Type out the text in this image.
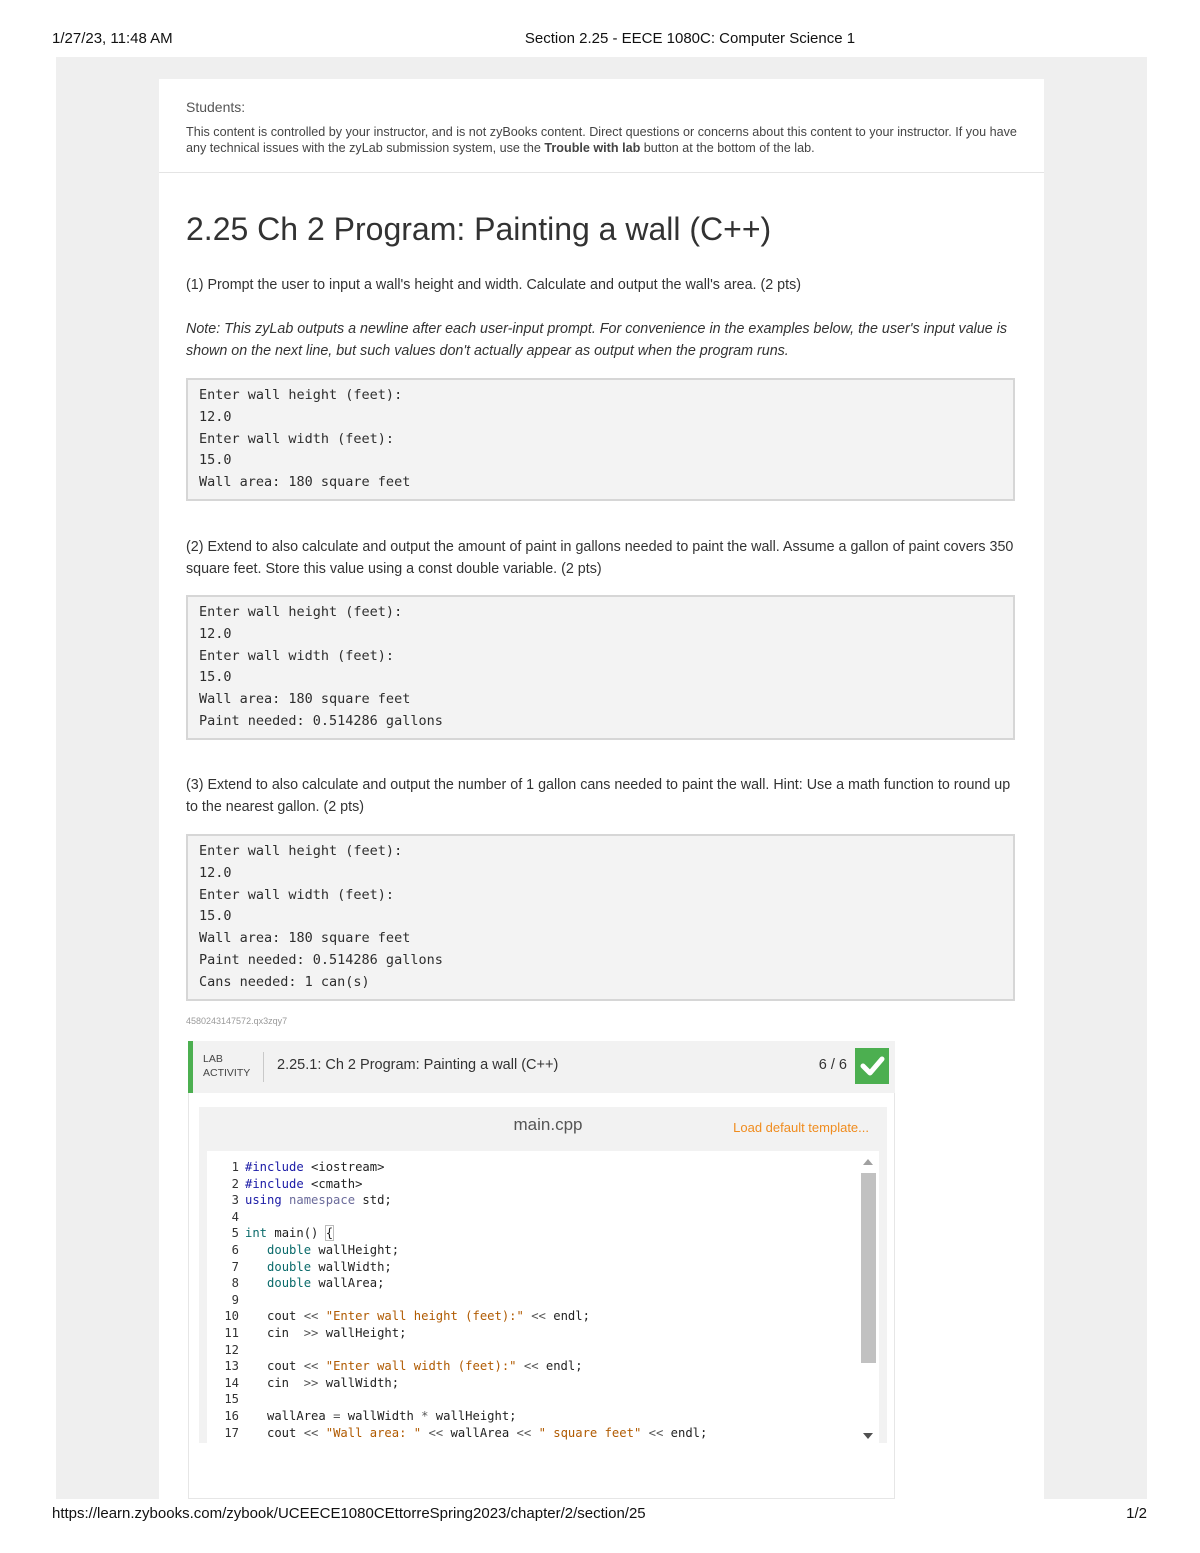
1/27/23, 11:48 AM	Section 2.25 - EECE 1080C: Computer Science 1
Students:
This content is controlled by your instructor, and is not zyBooks content. Direct questions or concerns about this content to your instructor. If you have any technical issues with the zyLab submission system, use the Trouble with lab button at the bottom of the lab.
2.25 Ch 2 Program: Painting a wall (C++)

(1) Prompt the user to input a wall's height and width. Calculate and output the wall's area. (2 pts)

Note: This zyLab outputs a newline after each user-input prompt. For convenience in the examples below, the user's input value is shown on the next line, but such values don't actually appear as output when the program runs.

Enter wall height (feet):
12.0
Enter wall width (feet):
15.0
Wall area: 180 square feet

(2) Extend to also calculate and output the amount of paint in gallons needed to paint the wall. Assume a gallon of paint covers 350 square feet. Store this value using a const double variable. (2 pts)

Enter wall height (feet):
12.0
Enter wall width (feet):
15.0
Wall area: 180 square feet
Paint needed: 0.514286 gallons

(3) Extend to also calculate and output the number of 1 gallon cans needed to paint the wall. Hint: Use a math function to round up to the nearest gallon. (2 pts)

Enter wall height (feet):
12.0
Enter wall width (feet):
15.0
Wall area: 180 square feet
Paint needed: 0.514286 gallons
Cans needed: 1 can(s)
4580243147572.qx3zqy7
LAB
ACTIVITY	2.25.1: Ch 2 Program: Painting a wall (C++)	6 / 6
main.cpp	Load default template...
1
2
3
4
5
6
7
8
9
10
11
12
13
14
15
16
17
#include <iostream>
#include <cmath>
using namespace std;

int main() {
double wallHeight;
double wallWidth;
double wallArea;

cout << "Enter wall height (feet):" << endl;
cin  >> wallHeight;

cout << "Enter wall width (feet):" << endl;
cin  >> wallWidth;

wallArea = wallWidth * wallHeight;
cout << "Wall area: " << wallArea << " square feet" << endl;
https://learn.zybooks.com/zybook/UCEECE1080CEttorreSpring2023/chapter/2/section/25	1/2
